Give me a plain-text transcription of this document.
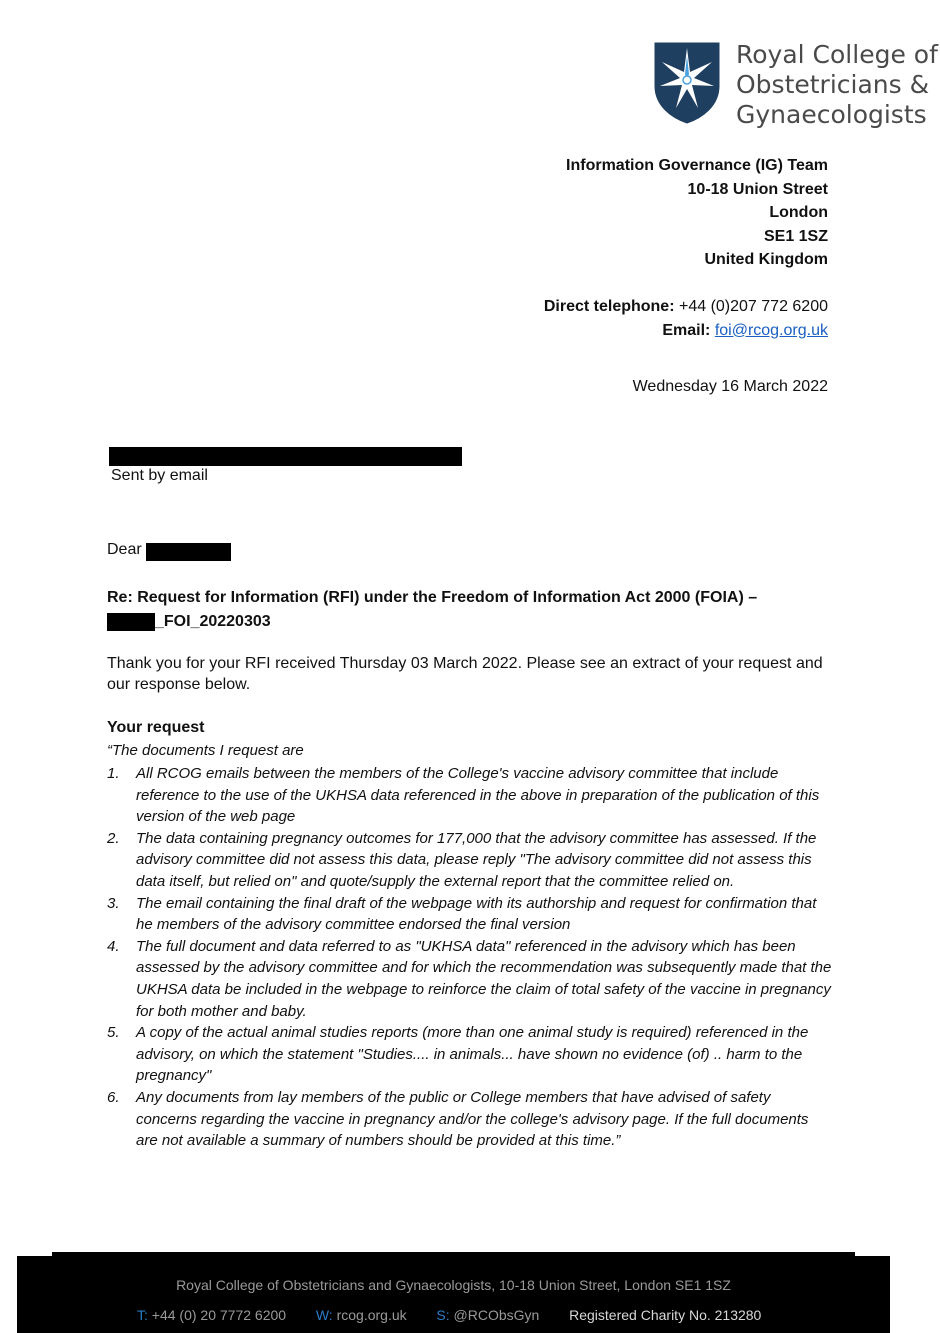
Royal College of
Obstetricians &
Gynaecologists
Information Governance (IG) Team
10-18 Union Street
London
SE1 1SZ
United Kingdom
Direct telephone: +44 (0)207 772 6200
Email: foi@rcog.org.uk
Wednesday 16 March 2022
Sent by email
Dear
Re: Request for Information (RFI) under the Freedom of Information Act 2000 (FOIA) –
_FOI_20220303
Thank you for your RFI received Thursday 03 March 2022. Please see an extract of your request and our response below.
Your request
“The documents I request are
1. All RCOG emails between the members of the College's vaccine advisory committee that include reference to the use of the UKHSA data referenced in the above in preparation of the publication of this version of the web page
2. The data containing pregnancy outcomes for 177,000 that the advisory committee has assessed. If the advisory committee did not assess this data, please reply "The advisory committee did not assess this data itself, but relied on" and quote/supply the external report that the committee relied on.
3. The email containing the final draft of the webpage with its authorship and request for confirmation that he members of the advisory committee endorsed the final version
4. The full document and data referred to as "UKHSA data" referenced in the advisory which has been assessed by the advisory committee and for which the recommendation was subsequently made that the UKHSA data be included in the webpage to reinforce the claim of total safety of the vaccine in pregnancy for both mother and baby.
5. A copy of the actual animal studies reports (more than one animal study is required) referenced in the advisory, on which the statement "Studies.... in animals... have shown no evidence (of) .. harm to the pregnancy"
6. Any documents from lay members of the public or College members that have advised of safety concerns regarding the vaccine in pregnancy and/or the college's advisory page. If the full documents are not available a summary of numbers should be provided at this time.”
Royal College of Obstetricians and Gynaecologists, 10-18 Union Street, London SE1 1SZ
T: +44 (0) 20 7772 6200 W: rcog.org.uk S: @RCObsGyn Registered Charity No. 213280
